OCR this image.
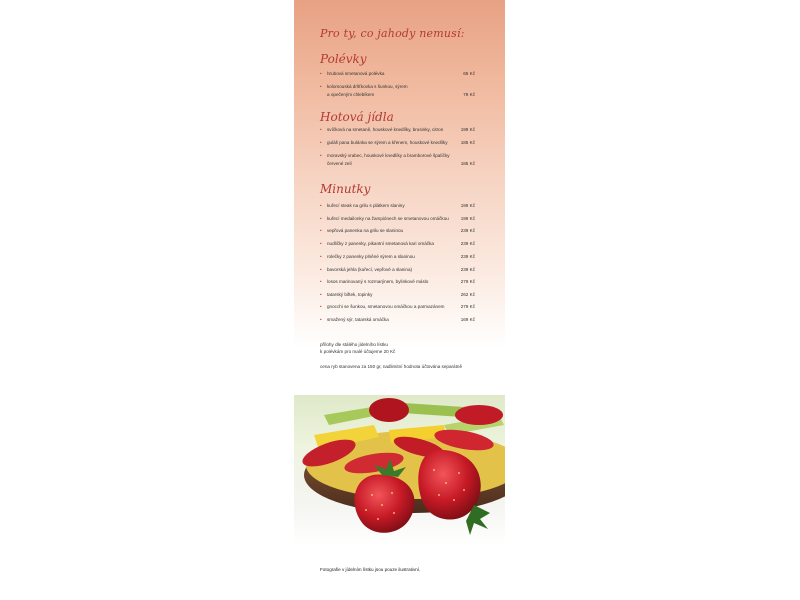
Pro ty, co jahody nemusí:
Polévky
• hrubová smetanová polévka	65 Kč
• kolomouská dršťkovka s šunkou, sýrem
a opečeným chlebíkem	79 Kč
Hotová jídla
• svíčková na smetaně, houskové knedlíky, brusinky, citron	199 Kč
• guláš pana bulánka se sýrem a křenem, houskové knedlíky	185 Kč
• moravský vrabec, houskové knedlíky a bramborové špalíčky
červené zelí	185 Kč
Minutky
• kuřecí steak na grilu s plátkem slaniny	199 Kč
• kuřecí medailonky na žampiónech se smetanovou omáčkou	199 Kč
• vepřová panenka na grilu se slaninou	239 Kč
• nudličky z panenky, pikantní smetanová kari omáčka	239 Kč
• rolečky z panenky plněné sýrem a slaninou	239 Kč
• bavorská jehla (kuřecí, vepřové a slanina)	239 Kč
• losos marinovaný s rozmarýnem, bylinkové máslo	279 Kč
• tatarský biftek, topinky	262 Kč
• gnocchi se šunkou, smetanovou omáčkou a parmazánem	279 Kč
• smažený sýr, tatarská omáčka	169 Kč
přílohy dle stálého jídelního lístku
k polévkám pro malé účtujeme 20 Kč
cena ryb stanovena za 150 gr, nadlimitní hodnota účtována separátně
Fotografie v jídelním lístku jsou pouze ilustrativní.
